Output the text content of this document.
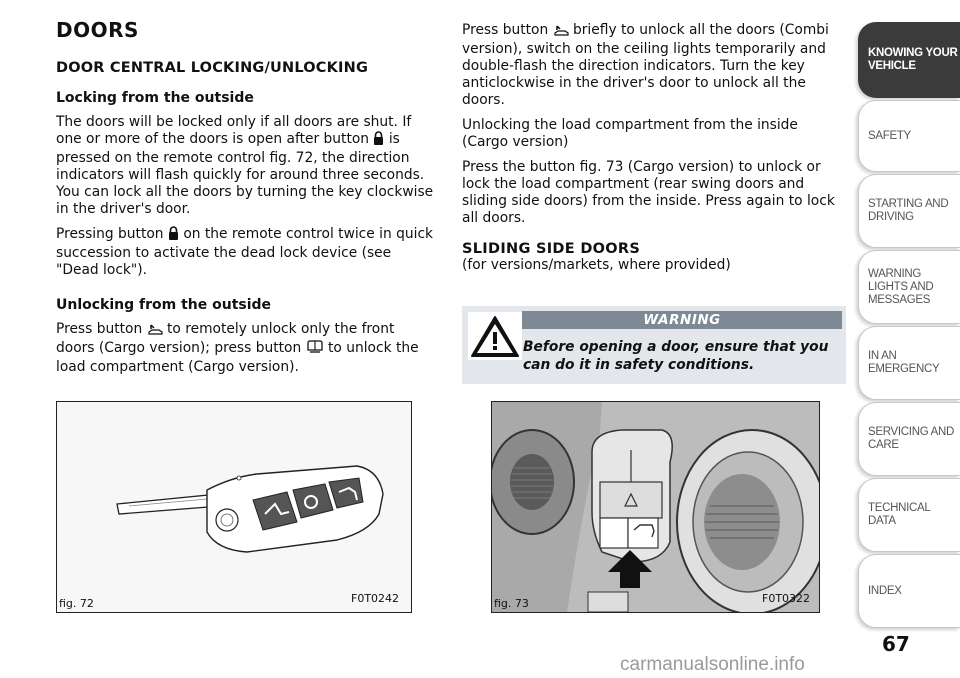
DOORS
DOOR CENTRAL LOCKING/UNLOCKING
Locking from the outside

The doors will be locked only if all doors are shut. If one or more of the doors is open after button is pressed on the remote control fig. 72, the direction indicators will flash quickly for around three seconds. You can lock all the doors by turning the key clockwise in the driver's door.

Pressing button on the remote control twice in quick succession to activate the dead lock device (see "Dead lock").

Unlocking from the outside

Press button to remotely unlock only the front doors (Cargo version); press button to unlock the load compartment (Cargo version).

Press button briefly to unlock all the doors (Combi version), switch on the ceiling lights temporarily and double-flash the direction indicators. Turn the key anticlockwise in the driver's door to unlock all the doors.

Unlocking the load compartment from the inside (Cargo version)

Press the button fig. 73 (Cargo version) to unlock or lock the load compartment (rear swing doors and sliding side doors) from the inside. Press again to lock all doors.

SLIDING SIDE DOORS

(for versions/markets, where provided)

WARNING
Before opening a door, ensure that you can do it in safety conditions.
fig. 72	F0T0242	fig. 73	F0T0322
KNOWING YOUR VEHICLE
SAFETY
STARTING AND DRIVING
WARNING LIGHTS AND MESSAGES
IN AN EMERGENCY
SERVICING AND CARE
TECHNICAL DATA
INDEX
67
carmanualsonline.info
